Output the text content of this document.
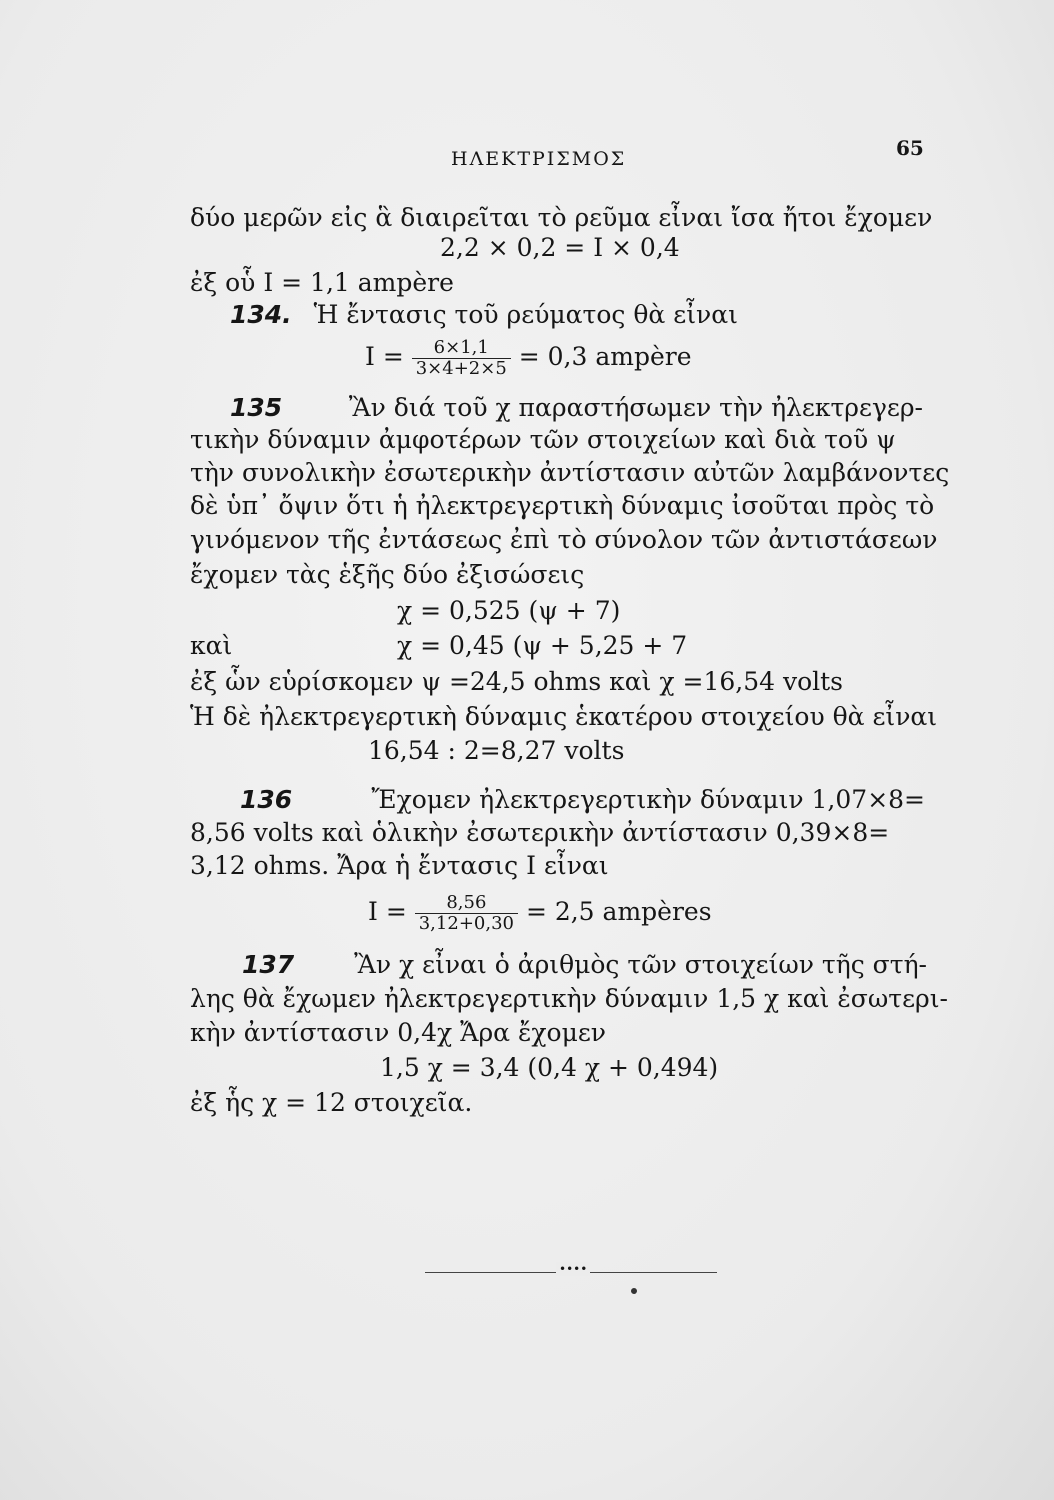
ΗΛΕΚΤΡΙΣΜΟΣ	65
δύο μερῶν εἰς ἃ διαιρεῖται τὸ ρεῦμα εἶναι ἴσα ἤτοι ἔχομεν
2,2 × 0,2 = I × 0,4
ἐξ οὗ I = 1,1 ampère
134. Ἡ ἔντασις τοῦ ρεύματος θὰ εἶναι
$I = \frac{6\times 1,1}{3\times 4+2\times 5} = 0,3$ ampère
135	Ἂν διά τοῦ χ παραστήσωμεν τὴν ἠλεκτρεγερ-
τικὴν δύναμιν ἀμφοτέρων τῶν στοιχείων καὶ διὰ τοῦ ψ
τὴν συνολικὴν ἐσωτερικὴν ἀντίστασιν αὐτῶν λαμβάνοντες
δὲ ὑπ᾽ ὄψιν ὅτι ἡ ἠλεκτρεγερτικὴ δύναμις ἰσοῦται πρὸς τὸ
γινόμενον τῆς ἐντάσεως ἐπὶ τὸ σύνολον τῶν ἀντιστάσεων
ἔχομεν τὰς ἑξῆς δύο ἐξισώσεις
χ = 0,525 (ψ + 7)
καὶ	χ = 0,45 (ψ + 5,25 + 7
ἐξ ὧν εὑρίσκομεν ψ =24,5 ohms καὶ χ =16,54 volts
Ἡ δὲ ἠλεκτρεγερτικὴ δύναμις ἑκατέρου στοιχείου θὰ εἶναι
16,54 : 2=8,27 volts
136	Ἔχομεν ἠλεκτρεγερτικὴν δύναμιν 1,07×8=
8,56 volts καὶ ὁλικὴν ἐσωτερικὴν ἀντίστασιν 0,39×8=
3,12 ohms. Ἄρα ἡ ἔντασις I εἶναι
$I = \frac{8,56}{3,12+0,30} = 2,5$ ampères
137 Ἂν χ εἶναι ὁ ἀριθμὸς τῶν στοιχείων τῆς στή-
λης θὰ ἔχωμεν ἠλεκτρεγερτικὴν δύναμιν 1,5 χ καὶ ἐσωτερι-
κὴν ἀντίστασιν 0,4χ Ἄρα ἔχομεν
1,5 χ = 3,4 (0,4 χ + 0,494)
ἐξ ἧς χ = 12 στοιχεῖα.
••••
